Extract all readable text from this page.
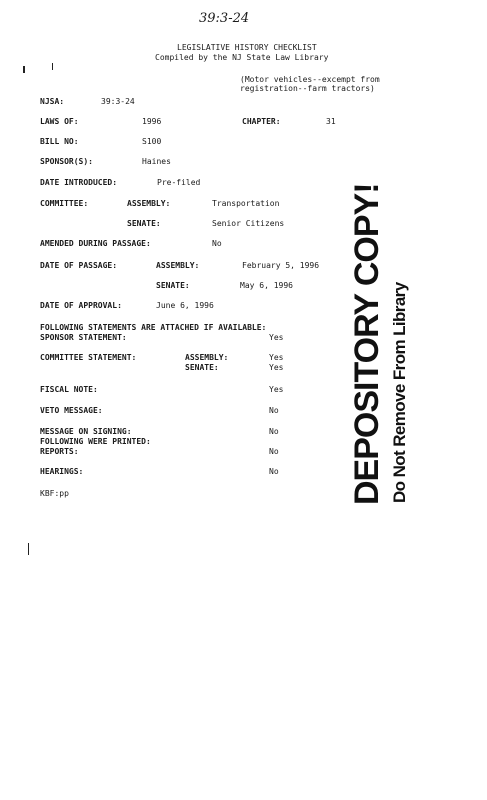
39:3-24
LEGISLATIVE HISTORY CHECKLIST
Compiled by the NJ State Law Library
(Motor vehicles--excempt from
registration--farm tractors)
NJSA:	39:3-24
LAWS OF:	1996	CHAPTER:	31
BILL NO:	S100
SPONSOR(S):	Haines
DATE INTRODUCED:	Pre-filed
COMMITTEE:	ASSEMBLY:	Transportation
SENATE:	Senior Citizens
AMENDED DURING PASSAGE:	No
DATE OF PASSAGE:	ASSEMBLY:	February 5, 1996
SENATE:	May 6, 1996
DATE OF APPROVAL:	June 6, 1996
FOLLOWING STATEMENTS ARE ATTACHED IF AVAILABLE:
SPONSOR STATEMENT:	Yes
COMMITTEE STATEMENT:	ASSEMBLY:	Yes
SENATE:	Yes
FISCAL NOTE:	Yes
VETO MESSAGE:	No
MESSAGE ON SIGNING:	No
FOLLOWING WERE PRINTED:
REPORTS:	No
HEARINGS:	No
KBF:pp	DEPOSITORY COPY! Do Not Remove From Library
